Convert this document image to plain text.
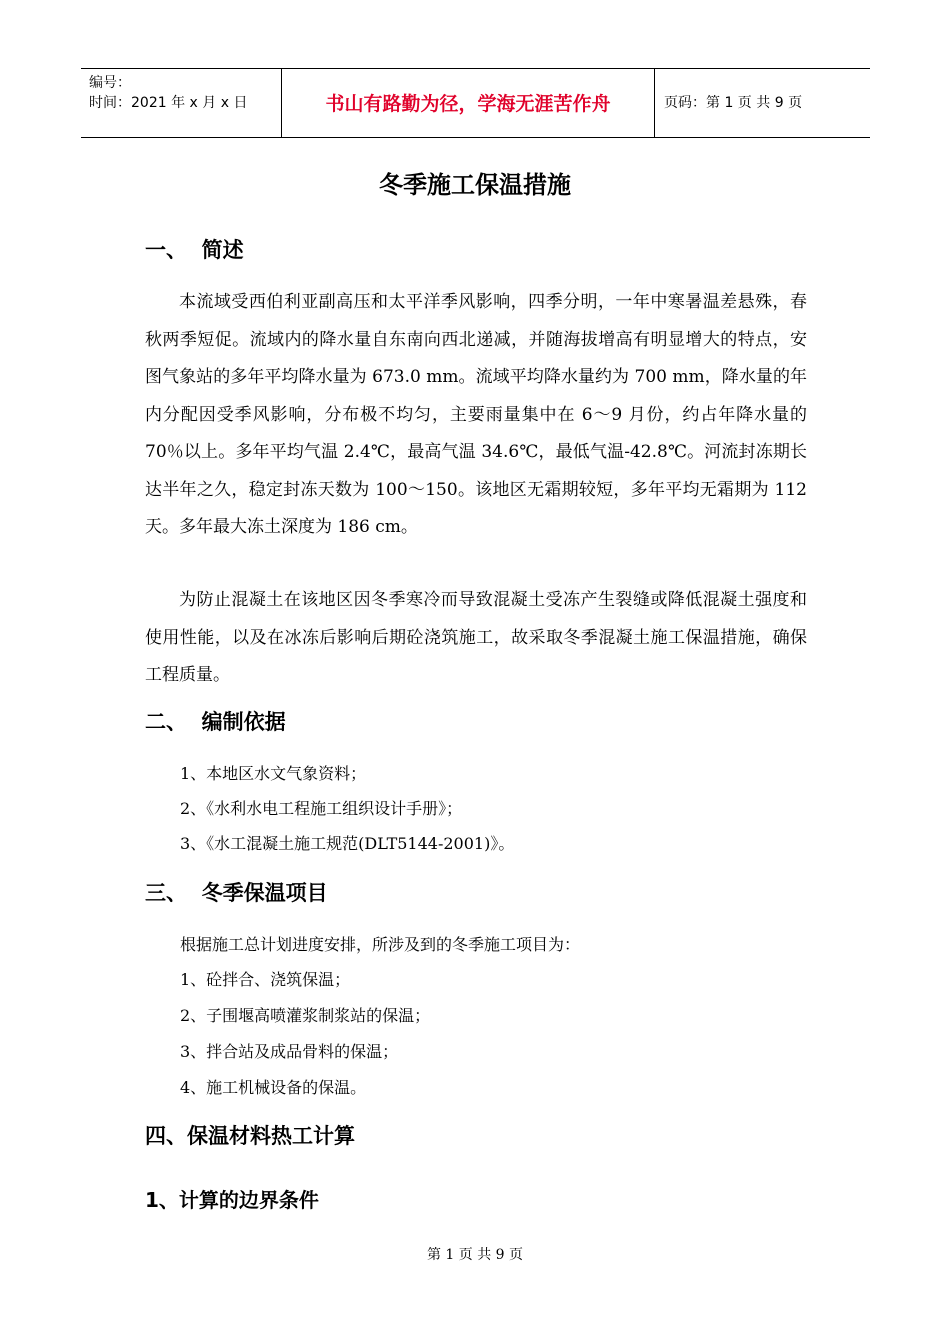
编号：
时间：2021 年 x 月 x 日	书山有路勤为径，学海无涯苦作舟	页码：第 1 页 共 9 页
冬季施工保温措施
一、  简述
本流域受西伯利亚副高压和太平洋季风影响，四季分明，一年中寒暑温差悬殊，春秋两季短促。流域内的降水量自东南向西北递减，并随海拔增高有明显增大的特点，安图气象站的多年平均降水量为 673.0 mm。流域平均降水量约为 700 mm，降水量的年内分配因受季风影响，分布极不均匀，主要雨量集中在 6～9 月份，约占年降水量的 70％以上。多年平均气温 2.4℃，最高气温 34.6℃，最低气温-42.8℃。河流封冻期长达半年之久，稳定封冻天数为 100～150。该地区无霜期较短，多年平均无霜期为 112 天。多年最大冻土深度为 186 cm。
为防止混凝土在该地区因冬季寒冷而导致混凝土受冻产生裂缝或降低混凝土强度和使用性能，以及在冰冻后影响后期砼浇筑施工，故采取冬季混凝土施工保温措施，确保工程质量。
二、  编制依据
1、本地区水文气象资料；
2、《水利水电工程施工组织设计手册》；
3、《水工混凝土施工规范(DLT5144-2001)》。
三、  冬季保温项目
根据施工总计划进度安排，所涉及到的冬季施工项目为：
1、砼拌合、浇筑保温；
2、子围堰高喷灌浆制浆站的保温；
3、拌合站及成品骨料的保温；
4、施工机械设备的保温。
四、保温材料热工计算
1、计算的边界条件
第 1 页 共 9 页
